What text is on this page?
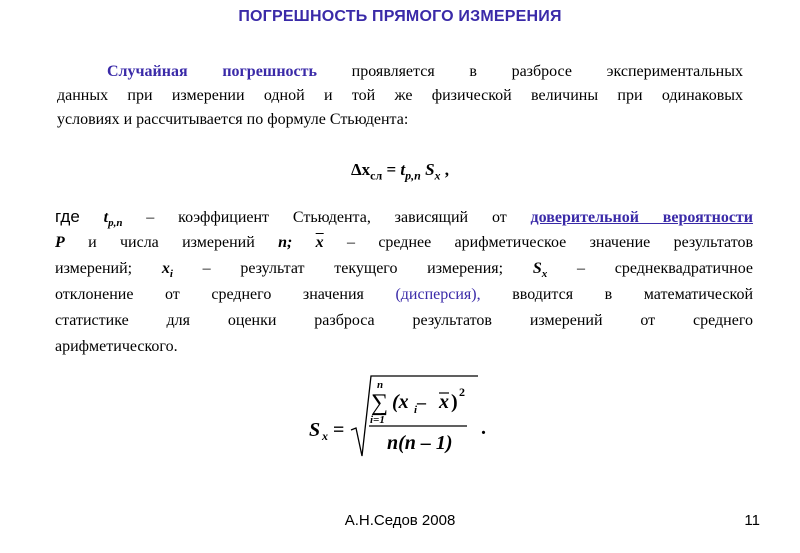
ПОГРЕШНОСТЬ ПРЯМОГО ИЗМЕРЕНИЯ
Случайная погрешность проявляется в разбросе экспериментальных
данных при измерении одной и той же физической величины при одинаковых
условиях и рассчитывается по формуле Стьюдента:
$\Delta x_{сл} = t_{p,n}$ $S_x$ ,
где $t_{p,n}$ – коэффициент Стьюдента, зависящий от доверительной вероятности
P и числа измерений n; $\overline{x}$ – среднее арифметическое значение результатов
измерений; $x_i$ – результат текущего измерения; $S_x$ – среднеквадратичное
отклонение от среднего значения (дисперсия), вводится в математической
статистике для оценки разброса результатов измерений от среднего
арифметического.
S x =
n
∑
i=1
(x i – x ) 2
n(n – 1)
.
А.Н.Седов 2008	11
